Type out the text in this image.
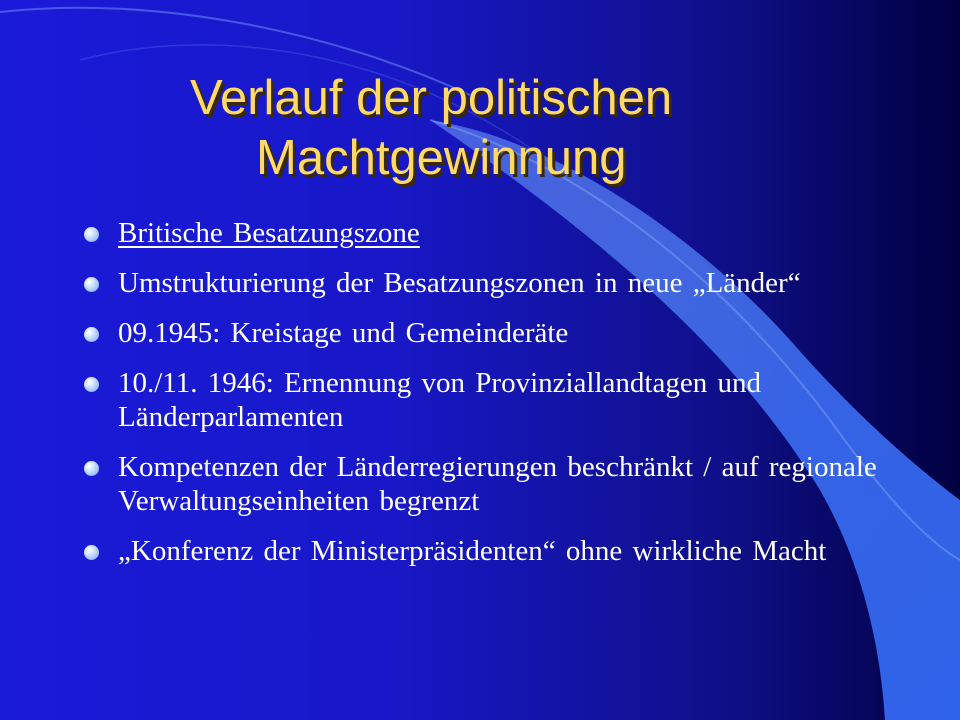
Verlauf der politischen
Machtgewinnung
Britische Besatzungszone
Umstrukturierung der Besatzungszonen in neue „Länder“
09.1945: Kreistage und Gemeinderäte
10./11. 1946: Ernennung von Provinziallandtagen und Länderparlamenten
Kompetenzen der Länderregierungen beschränkt / auf regionale Verwaltungseinheiten begrenzt
„Konferenz der Ministerpräsidenten“ ohne wirkliche Macht
